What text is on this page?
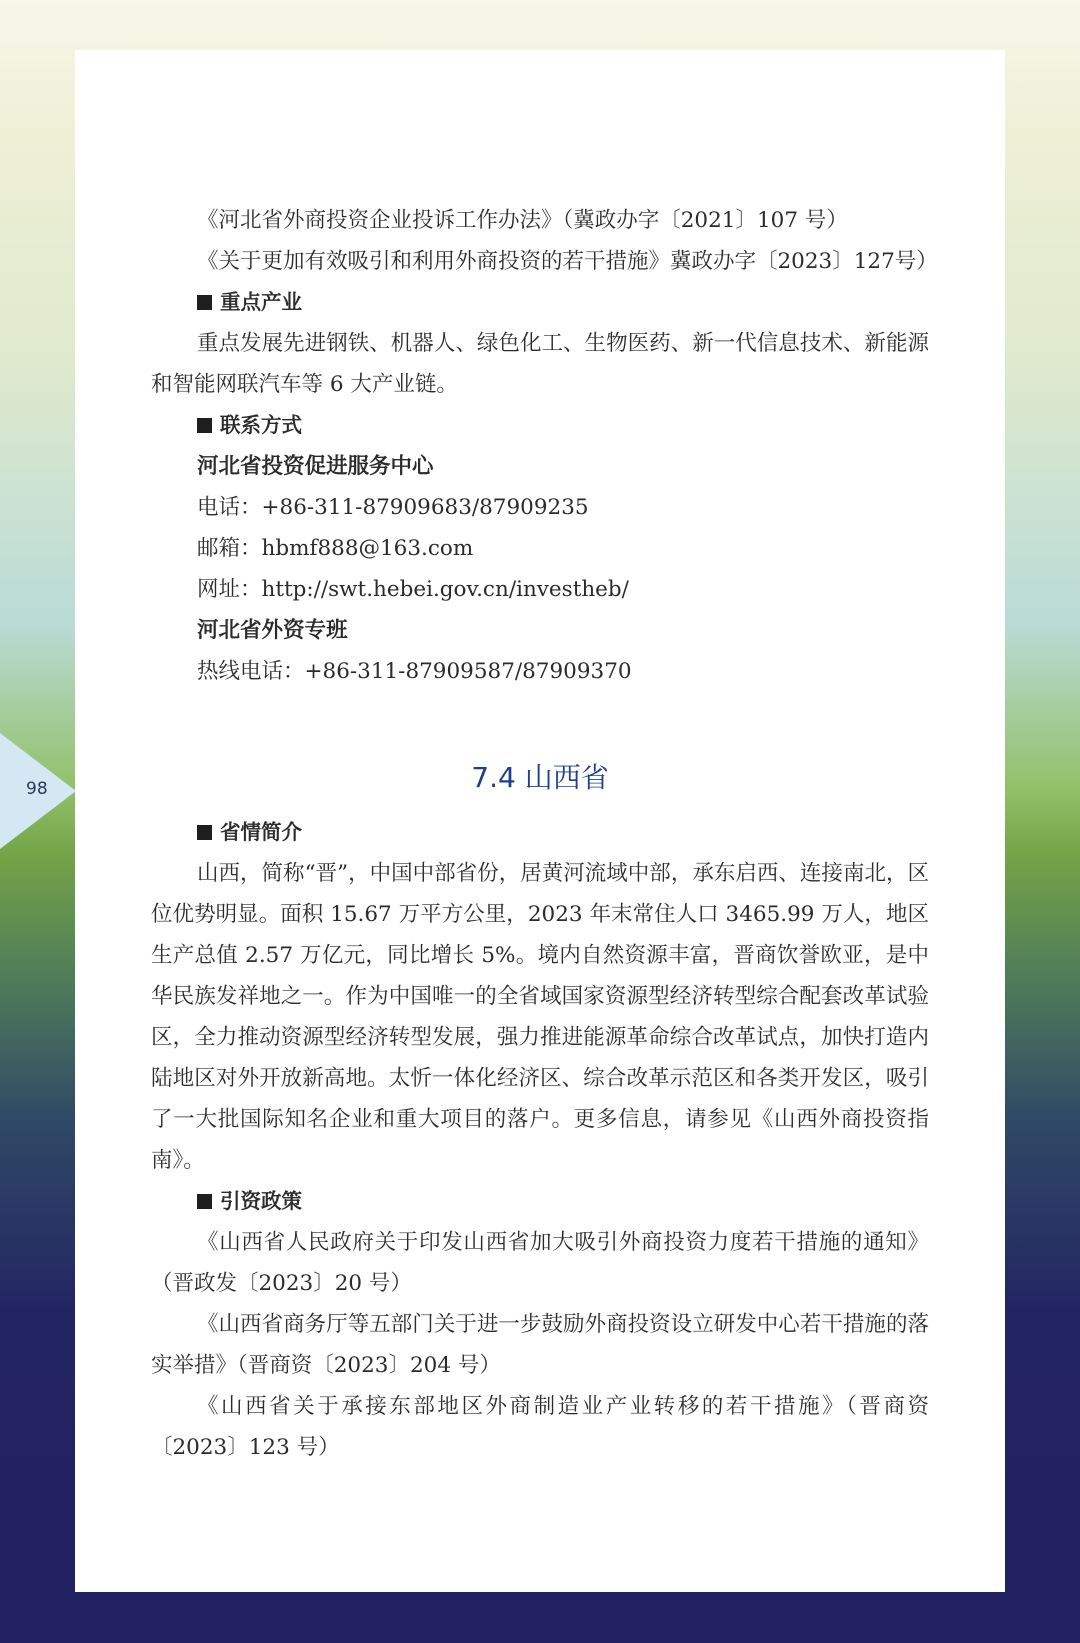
98

《河北省外商投资企业投诉工作办法》（冀政办字〔2021〕107 号）

《关于更加有效吸引和利用外商投资的若干措施》冀政办字〔2023〕127号）

重点产业

重点发展先进钢铁、机器人、绿色化工、生物医药、新一代信息技术、新能源和智能网联汽车等 6 大产业链。

联系方式

河北省投资促进服务中心

电话：+86-311-87909683/87909235

邮箱：hbmf888@163.com

网址：http://swt.hebei.gov.cn/investheb/

河北省外资专班

热线电话：+86-311-87909587/87909370

7.4 山西省

省情简介

山西，简称“晋”，中国中部省份，居黄河流域中部，承东启西、连接南北，区位优势明显。面积 15.67 万平方公里，2023 年末常住人口 3465.99 万人，地区生产总值 2.57 万亿元，同比增长 5%。境内自然资源丰富，晋商饮誉欧亚，是中华民族发祥地之一。作为中国唯一的全省域国家资源型经济转型综合配套改革试验区，全力推动资源型经济转型发展，强力推进能源革命综合改革试点，加快打造内陆地区对外开放新高地。太忻一体化经济区、综合改革示范区和各类开发区，吸引了一大批国际知名企业和重大项目的落户。更多信息，请参见《山西外商投资指南》。

引资政策

《山西省人民政府关于印发山西省加大吸引外商投资力度若干措施的通知》（晋政发〔2023〕20 号）

《山西省商务厅等五部门关于进一步鼓励外商投资设立研发中心若干措施的落实举措》（晋商资〔2023〕204 号）

《山西省关于承接东部地区外商制造业产业转移的若干措施》（晋商资〔2023〕123 号）
